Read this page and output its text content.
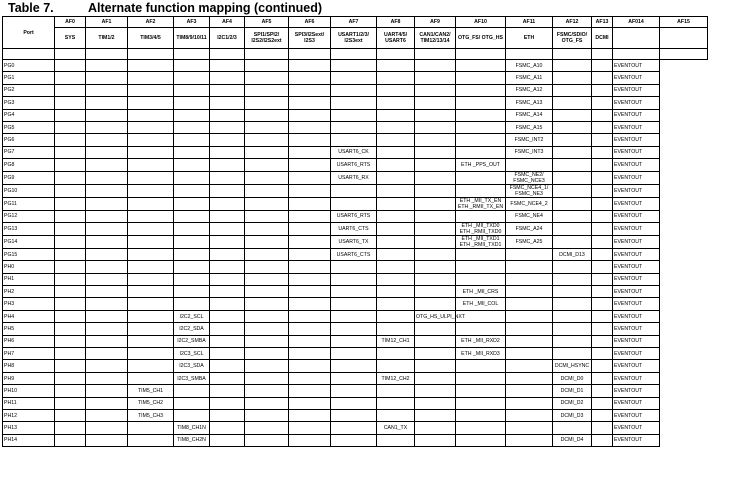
Table 7.	Alternate function mapping (continued)
Port	AF0	AF1	AF2	AF3	AF4	AF5	AF6	AF7	AF8	AF9	AF10	AF11	AF12	AF13	AF014	AF15
	SYS	TIM1/2	TIM3/4/5	TIM8/9/10/11	I2C1/2/3	SPI1/SPI2/
I2S2/I2S2ext	SPI3/I2Sext/
I2S3	USART1/2/3/
I2S3ext	UART4/5/
USART6	CAN1/CAN2/
TIM12/13/14	OTG_FS/ OTG_HS	ETH	FSMC/SDIO/
OTG_FS	DCMI		

PG0												FSMC_A10			EVENTOUT	
PG1												FSMC_A11			EVENTOUT	
PG2												FSMC_A12			EVENTOUT	
PG3												FSMC_A13			EVENTOUT	
PG4												FSMC_A14			EVENTOUT	
PG5												FSMC_A15			EVENTOUT	
PG6												FSMC_INT2			EVENTOUT	
PG7								USART6_CK				FSMC_INT3			EVENTOUT	
PG8								USART6_RTS			ETH _PPS_OUT				EVENTOUT	
PG9								USART6_RX				FSMC_NE2/
FSMC_NCE3			EVENTOUT	
PG10												FSMC_NCE4_1/
FSMC_NE3			EVENTOUT	
PG11											ETH _MII_TX_EN
ETH _RMII_TX_EN	FSMC_NCE4_2			EVENTOUT	
PG12								USART6_RTS				FSMC_NE4			EVENTOUT	
PG13								UART6_CTS			ETH _MII_TXD0
ETH _RMII_TXD0	FSMC_A24			EVENTOUT	
PG14								USART6_TX			ETH _MII_TXD1
ETH _RMII_TXD1	FSMC_A25			EVENTOUT	
PG15								USART6_CTS					DCMI_D13		EVENTOUT	
PH0															EVENTOUT	
PH1															EVENTOUT	
PH2											ETH _MII_CRS				EVENTOUT	
PH3											ETH _MII_COL				EVENTOUT	
PH4				I2C2_SCL						OTG_HS_ULPI_NXT					EVENTOUT	
PH5				I2C2_SDA											EVENTOUT	
PH6				I2C2_SMBA					TIM12_CH1		ETH _MII_RXD2				EVENTOUT	
PH7				I2C3_SCL							ETH _MII_RXD3				EVENTOUT	
PH8				I2C3_SDA									DCMI_HSYNC		EVENTOUT	
PH9				I2C3_SMBA					TIM12_CH2				DCMI_D0		EVENTOUT	
PH10			TIM5_CH1										DCMI_D1		EVENTOUT	
PH11			TIM5_CH2										DCMI_D2		EVENTOUT	
PH12			TIM5_CH3										DCMI_D3		EVENTOUT	
PH13				TIM8_CH1N					CAN1_TX						EVENTOUT	
PH14				TIM8_CH2N									DCMI_D4		EVENTOUT	
